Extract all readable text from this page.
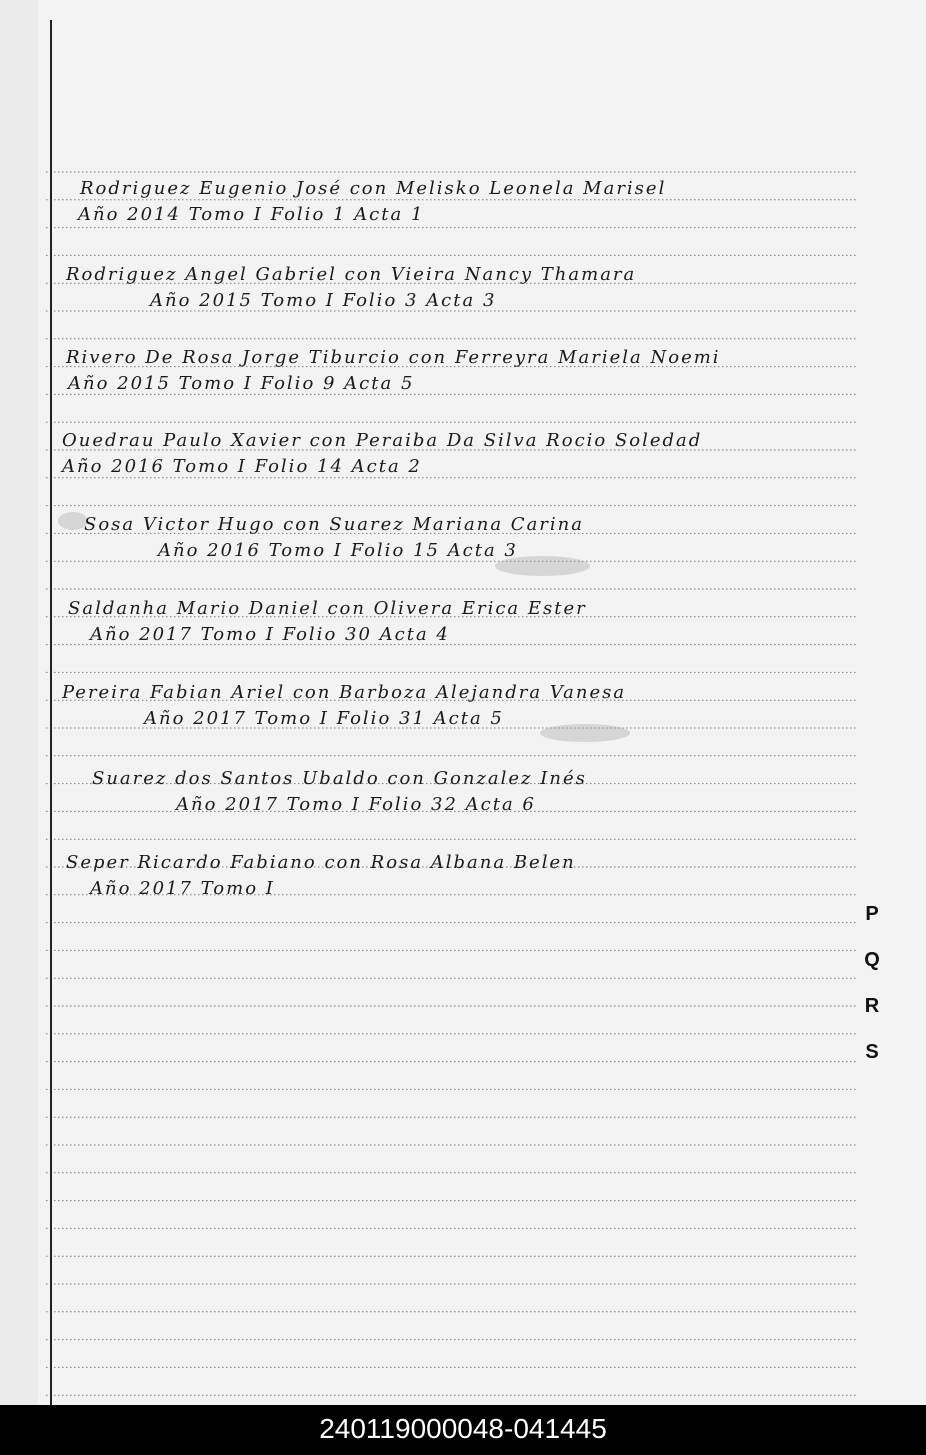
Rodriguez Eugenio José con Melisko Leonela Marisel
Año 2014 Tomo I Folio 1 Acta 1
Rodriguez Angel Gabriel con Vieira Nancy Thamara
Año 2015 Tomo I Folio 3 Acta 3
Rivero De Rosa Jorge Tiburcio con Ferreyra Mariela Noemi
Año 2015 Tomo I Folio 9 Acta 5
Ouedrau Paulo Xavier con Peraiba Da Silva Rocio Soledad
Año 2016 Tomo I Folio 14 Acta 2
Sosa Victor Hugo con Suarez Mariana Carina
Año 2016 Tomo I Folio 15 Acta 3
Saldanha Mario Daniel con Olivera Erica Ester
Año 2017 Tomo I Folio 30 Acta 4
Pereira Fabian Ariel con Barboza Alejandra Vanesa
Año 2017 Tomo I Folio 31 Acta 5
Suarez dos Santos Ubaldo con Gonzalez Inés
Año 2017 Tomo I Folio 32 Acta 6
Seper Ricardo Fabiano con Rosa Albana Belen
Año 2017 Tomo I
P
Q
R
S
240119000048-041445
